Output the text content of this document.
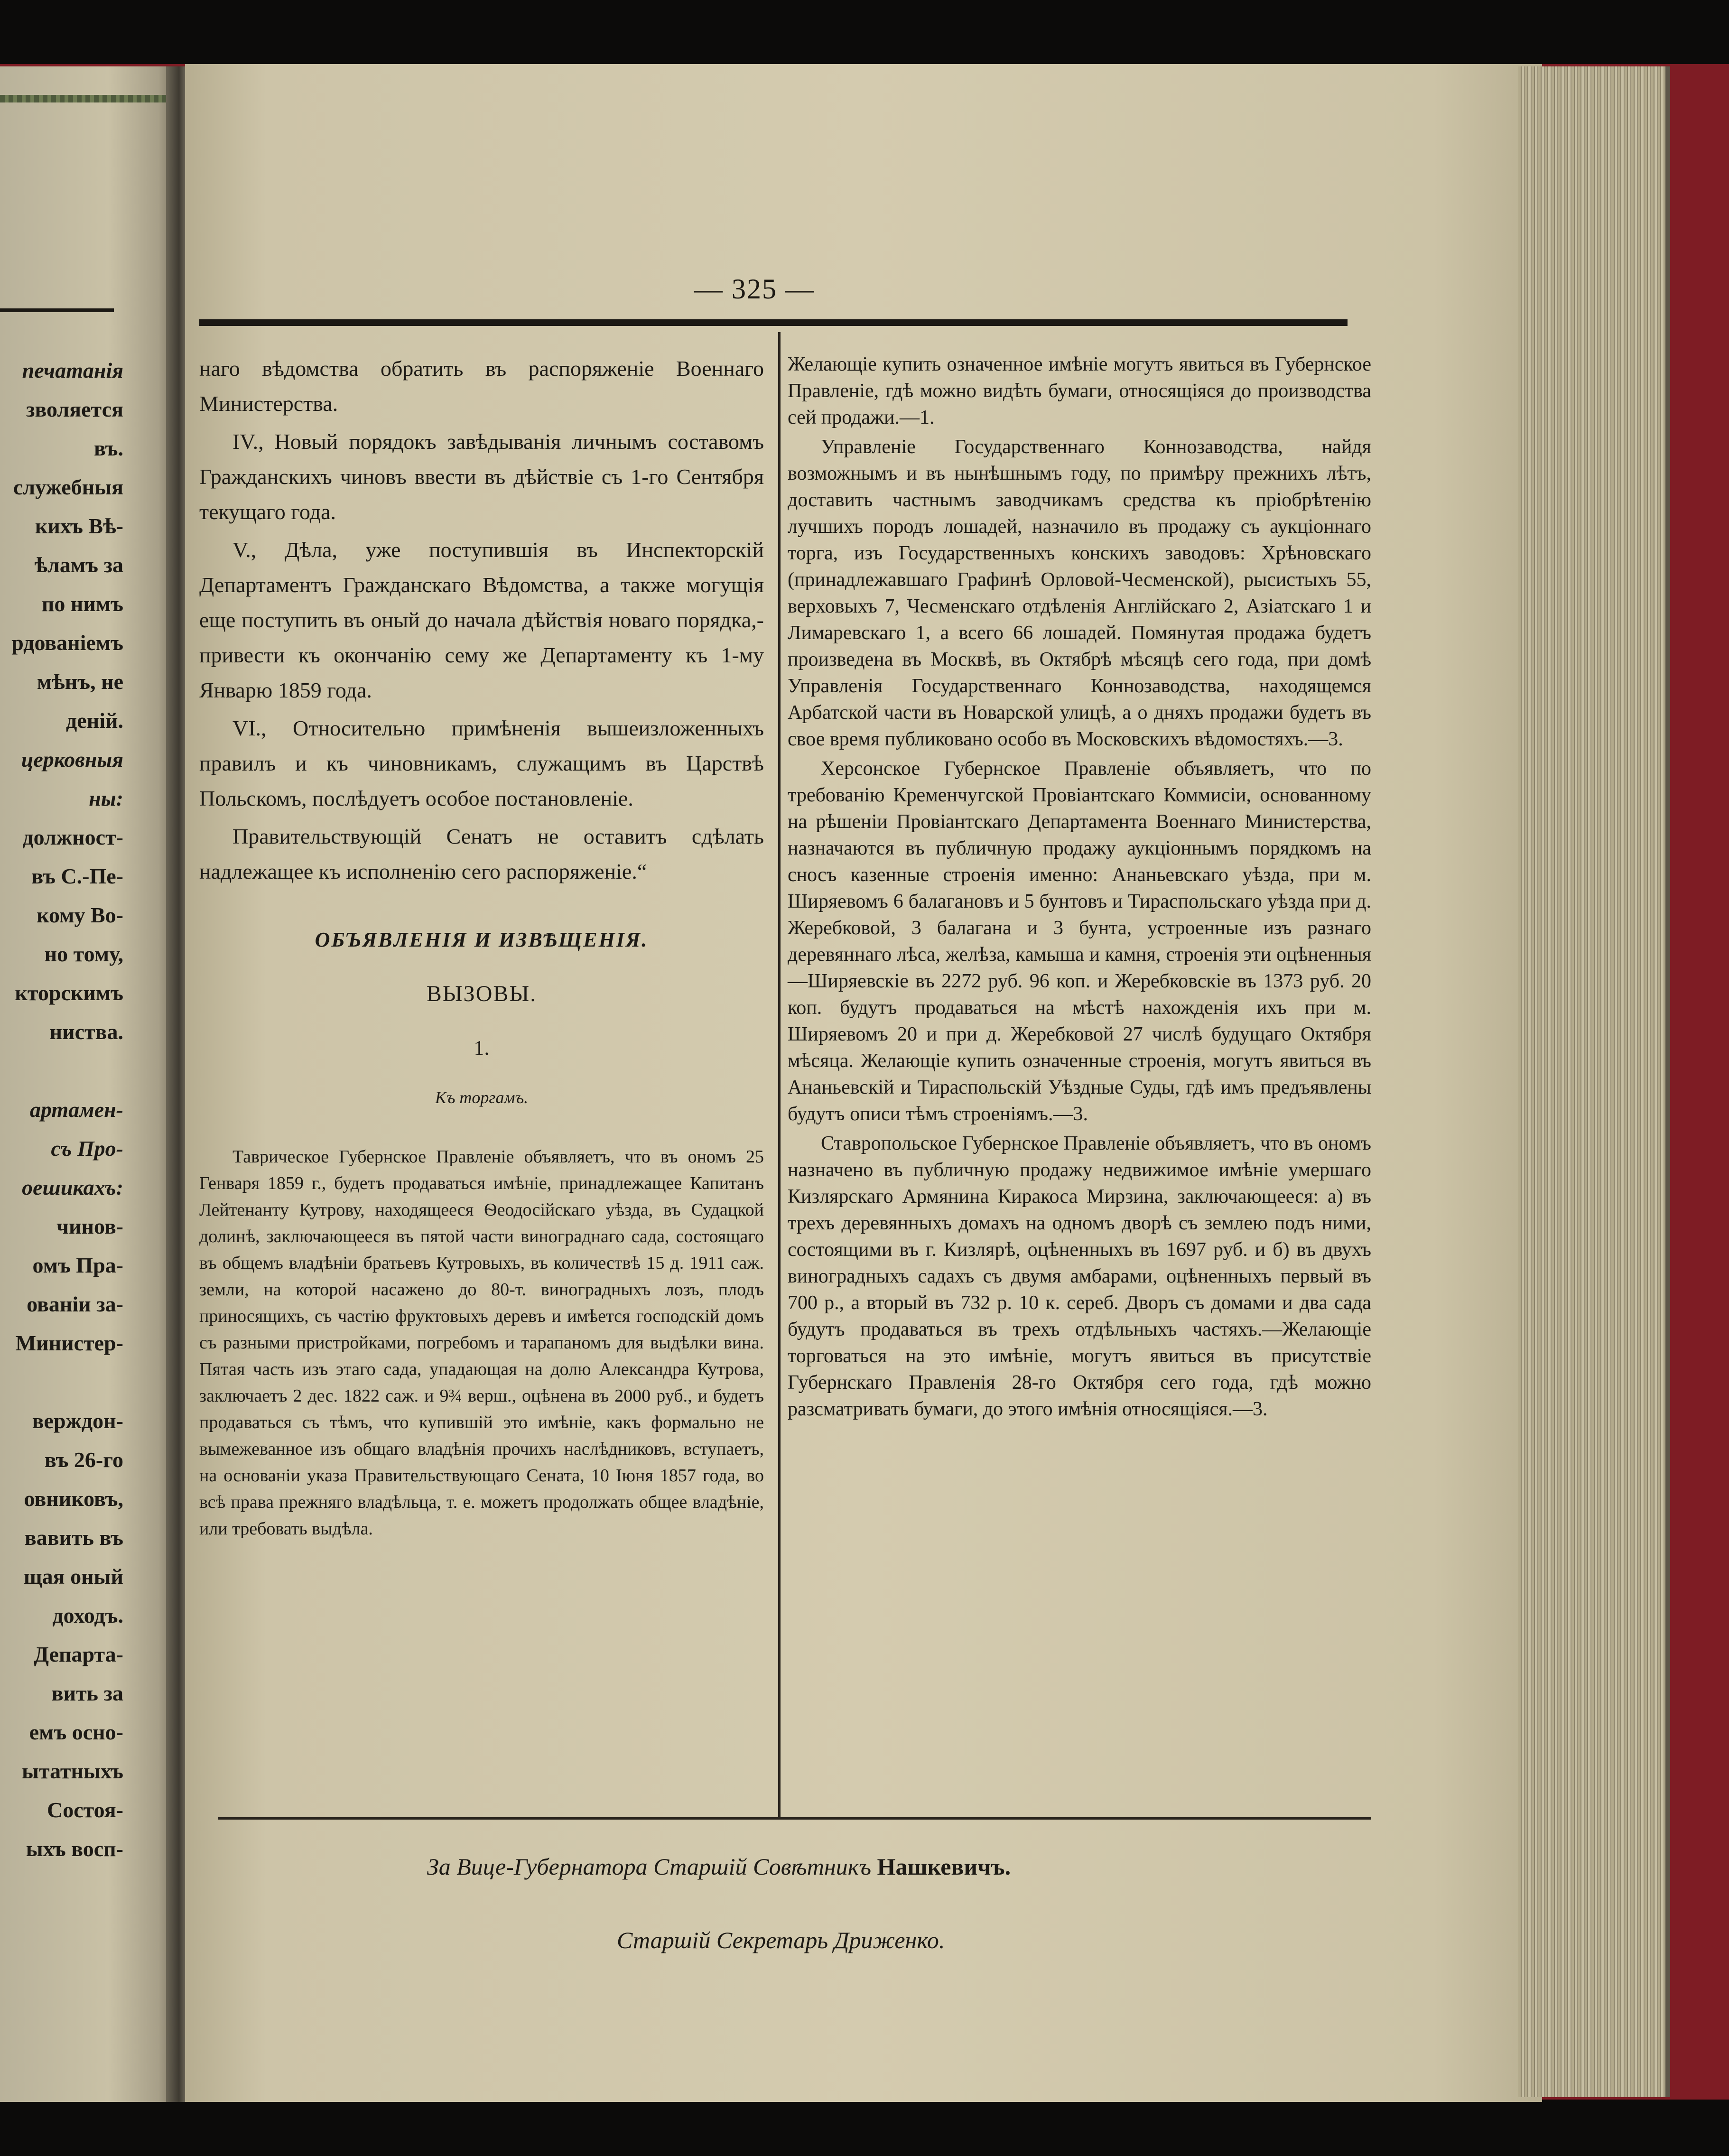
печатанія
зволяется
въ.
служебныя
кихъ Вѣ-
ѣламъ за
по нимъ
рдованіемъ
мѣнъ, не
деній.
церковныя
ны:
должност-
въ С.-Пе-
кому Во-
но тому,
кторскимъ
ниства.

артамен-
съ Про-
оешикахъ:
чинов-
омъ Пра-
ованіи за-
Министер-

верждон-
въ 26-го
овниковъ,
вавить въ
щая оный
доходъ.
Департа-
вить за
емъ осно-
ытатныхъ
Состоя-
ыхъ восп-
— 325 —

наго вѣдомства обратить въ распоряженіе Военнаго Министерства.

IV., Новый порядокъ завѣдыванія личнымъ составомъ Гражданскихъ чиновъ ввести въ дѣйствіе съ 1-го Сентября текущаго года.

V., Дѣла, уже поступившія въ Инспекторскій Департаментъ Гражданскаго Вѣдомства, а также могущія еще поступить въ оный до начала дѣйствія новаго порядка,-привести къ окончанію сему же Департаменту къ 1-му Январю 1859 года.

VI., Относительно примѣненія вышеизложенныхъ правилъ и къ чиновникамъ, служащимъ въ Царствѣ Польскомъ, послѣдуетъ особое постановленіе.

Правительствующій Сенатъ не оставитъ сдѣлать надлежащее къ исполненію сего распоряженіе.“

ОБЪЯВЛЕНІЯ И ИЗВѢЩЕНІЯ.
ВЫЗОВЫ.
1.
Къ торгамъ.

Таврическое Губернское Правленіе объявляетъ, что въ ономъ 25 Генваря 1859 г., будетъ продаваться имѣніе, принадлежащее Капитанъ Лейтенанту Кутрову, находящееся Ѳеодосійскаго уѣзда, въ Судацкой долинѣ, заключающееся въ пятой части винограднаго сада, состоящаго въ общемъ владѣніи братьевъ Кутровыхъ, въ количествѣ 15 д. 1911 саж. земли, на которой насажено до 80-т. виноградныхъ лозъ, плодъ приносящихъ, съ частію фруктовыхъ деревъ и имѣется господскій домъ съ разными пристройками, погребомъ и тарапаномъ для выдѣлки вина. Пятая часть изъ этаго сада, упадающая на долю Александра Кутрова, заключаетъ 2 дес. 1822 саж. и 9¾ верш., оцѣнена въ 2000 руб., и будетъ продаваться съ тѣмъ, что купившій это имѣніе, какъ формально не вымежеванное изъ общаго владѣнія прочихъ наслѣдниковъ, вступаетъ, на основаніи указа Правительствующаго Сената, 10 Іюня 1857 года, во всѣ права прежняго владѣльца, т. е. можетъ продолжать общее владѣніе, или требовать выдѣла.

Желающіе купить означенное имѣніе могутъ явиться въ Губернское Правленіе, гдѣ можно видѣть бумаги, относящіяся до производства сей продажи.—1.

Управленіе Государственнаго Коннозаводства, найдя возможнымъ и въ нынѣшнымъ году, по примѣру прежнихъ лѣтъ, доставить частнымъ заводчикамъ средства къ пріобрѣтенію лучшихъ породъ лошадей, назначило въ продажу съ аукціоннаго торга, изъ Государственныхъ конскихъ заводовъ: Хрѣновскаго (принадлежавшаго Графинѣ Орловой-Чесменской), рысистыхъ 55, верховыхъ 7, Чесменскаго отдѣленія Англійскаго 2, Азіатскаго 1 и Лимаревскаго 1, а всего 66 лошадей. Помянутая продажа будетъ произведена въ Москвѣ, въ Октябрѣ мѣсяцѣ сего года, при домѣ Управленія Государственнаго Коннозаводства, находящемся Арбатской части въ Новарской улицѣ, а о дняхъ продажи будетъ въ свое время публиковано особо въ Московскихъ вѣдомостяхъ.—3.

Херсонское Губернское Правленіе объявляетъ, что по требованію Кременчугской Провіантскаго Коммисіи, основанному на рѣшеніи Провіантскаго Департамента Военнаго Министерства, назначаются въ публичную продажу аукціоннымъ порядкомъ на сносъ казенные строенія именно: Ананьевскаго уѣзда, при м. Ширяевомъ 6 балагановъ и 5 бунтовъ и Тираспольскаго уѣзда при д. Жеребковой, 3 балагана и 3 бунта, устроенные изъ разнаго деревяннаго лѣса, желѣза, камыша и камня, строенія эти оцѣненныя—Ширяевскіе въ 2272 руб. 96 коп. и Жеребковскіе въ 1373 руб. 20 коп. будутъ продаваться на мѣстѣ нахожденія ихъ при м. Ширяевомъ 20 и при д. Жеребковой 27 числѣ будущаго Октября мѣсяца. Желающіе купить означенные строенія, могутъ явиться въ Ананьевскій и Тираспольскій Уѣздные Суды, гдѣ имъ предъявлены будутъ описи тѣмъ строеніямъ.—3.

Ставропольское Губернское Правленіе объявляетъ, что въ ономъ назначено въ публичную продажу недвижимое имѣніе умершаго Кизлярскаго Армянина Киракоса Мирзина, заключающееся: а) въ трехъ деревянныхъ домахъ на одномъ дворѣ съ землею подъ ними, состоящими въ г. Кизлярѣ, оцѣненныхъ въ 1697 руб. и б) въ двухъ виноградныхъ садахъ съ двумя амбарами, оцѣненныхъ первый въ 700 р., а вторый въ 732 р. 10 к. сереб. Дворъ съ домами и два сада будутъ продаваться въ трехъ отдѣльныхъ частяхъ.—Желающіе торговаться на это имѣніе, могутъ явиться въ присутствіе Губернскаго Правленія 28-го Октября сего года, гдѣ можно разсматривать бумаги, до этого имѣнія относящіяся.—3.

За Вице-Губернатора Старшій Совѣтникъ Нашкевичъ.
Старшій Секретарь Дриженко.
